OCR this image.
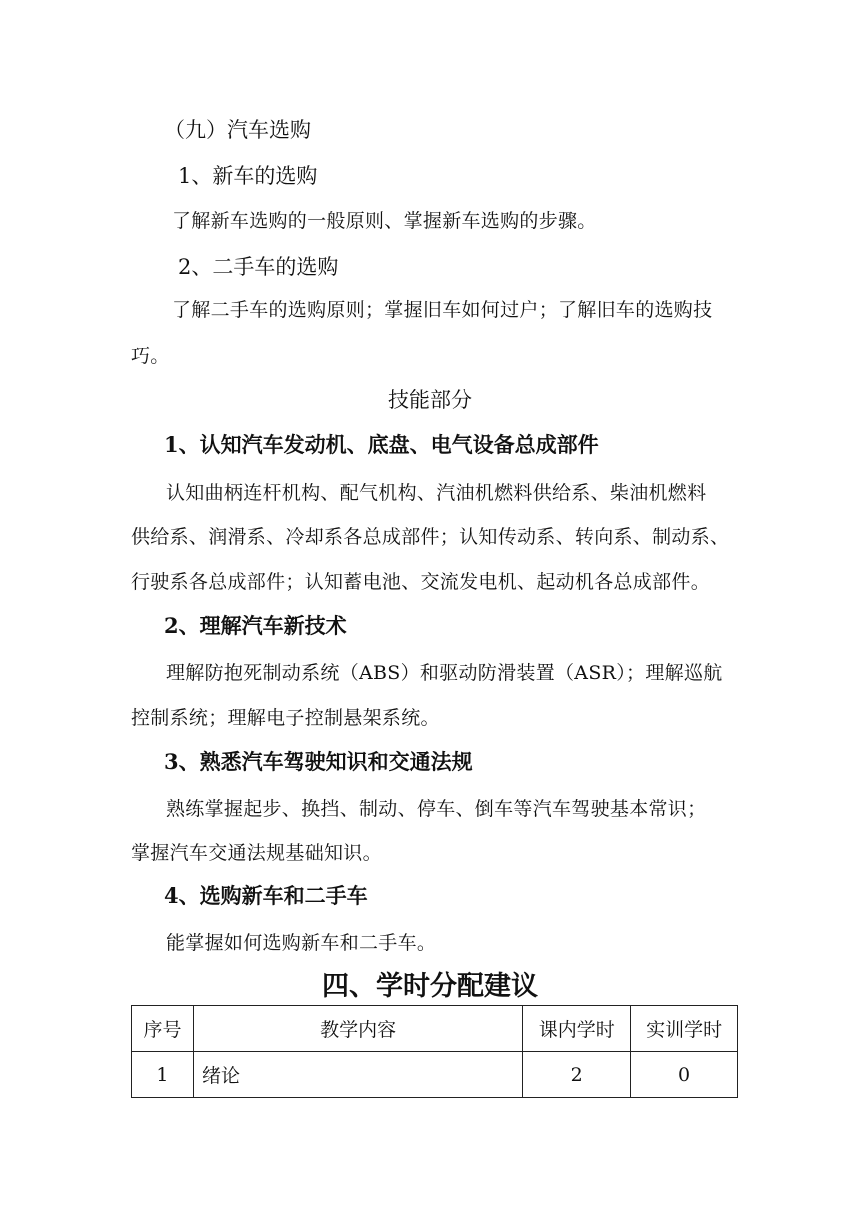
（九）汽车选购
1、新车的选购
了解新车选购的一般原则、掌握新车选购的步骤。
2、二手车的选购
了解二手车的选购原则；掌握旧车如何过户；了解旧车的选购技
巧。
技能部分
1、认知汽车发动机、底盘、电气设备总成部件
认知曲柄连杆机构、配气机构、汽油机燃料供给系、柴油机燃料
供给系、润滑系、冷却系各总成部件；认知传动系、转向系、制动系、
行驶系各总成部件；认知蓄电池、交流发电机、起动机各总成部件。
2、理解汽车新技术
理解防抱死制动系统（ABS）和驱动防滑装置（ASR）；理解巡航
控制系统；理解电子控制悬架系统。
3、熟悉汽车驾驶知识和交通法规
熟练掌握起步、换挡、制动、停车、倒车等汽车驾驶基本常识；
掌握汽车交通法规基础知识。
4、选购新车和二手车
能掌握如何选购新车和二手车。
四、学时分配建议
序号	教学内容	课内学时	实训学时
1	绪论	2	0
